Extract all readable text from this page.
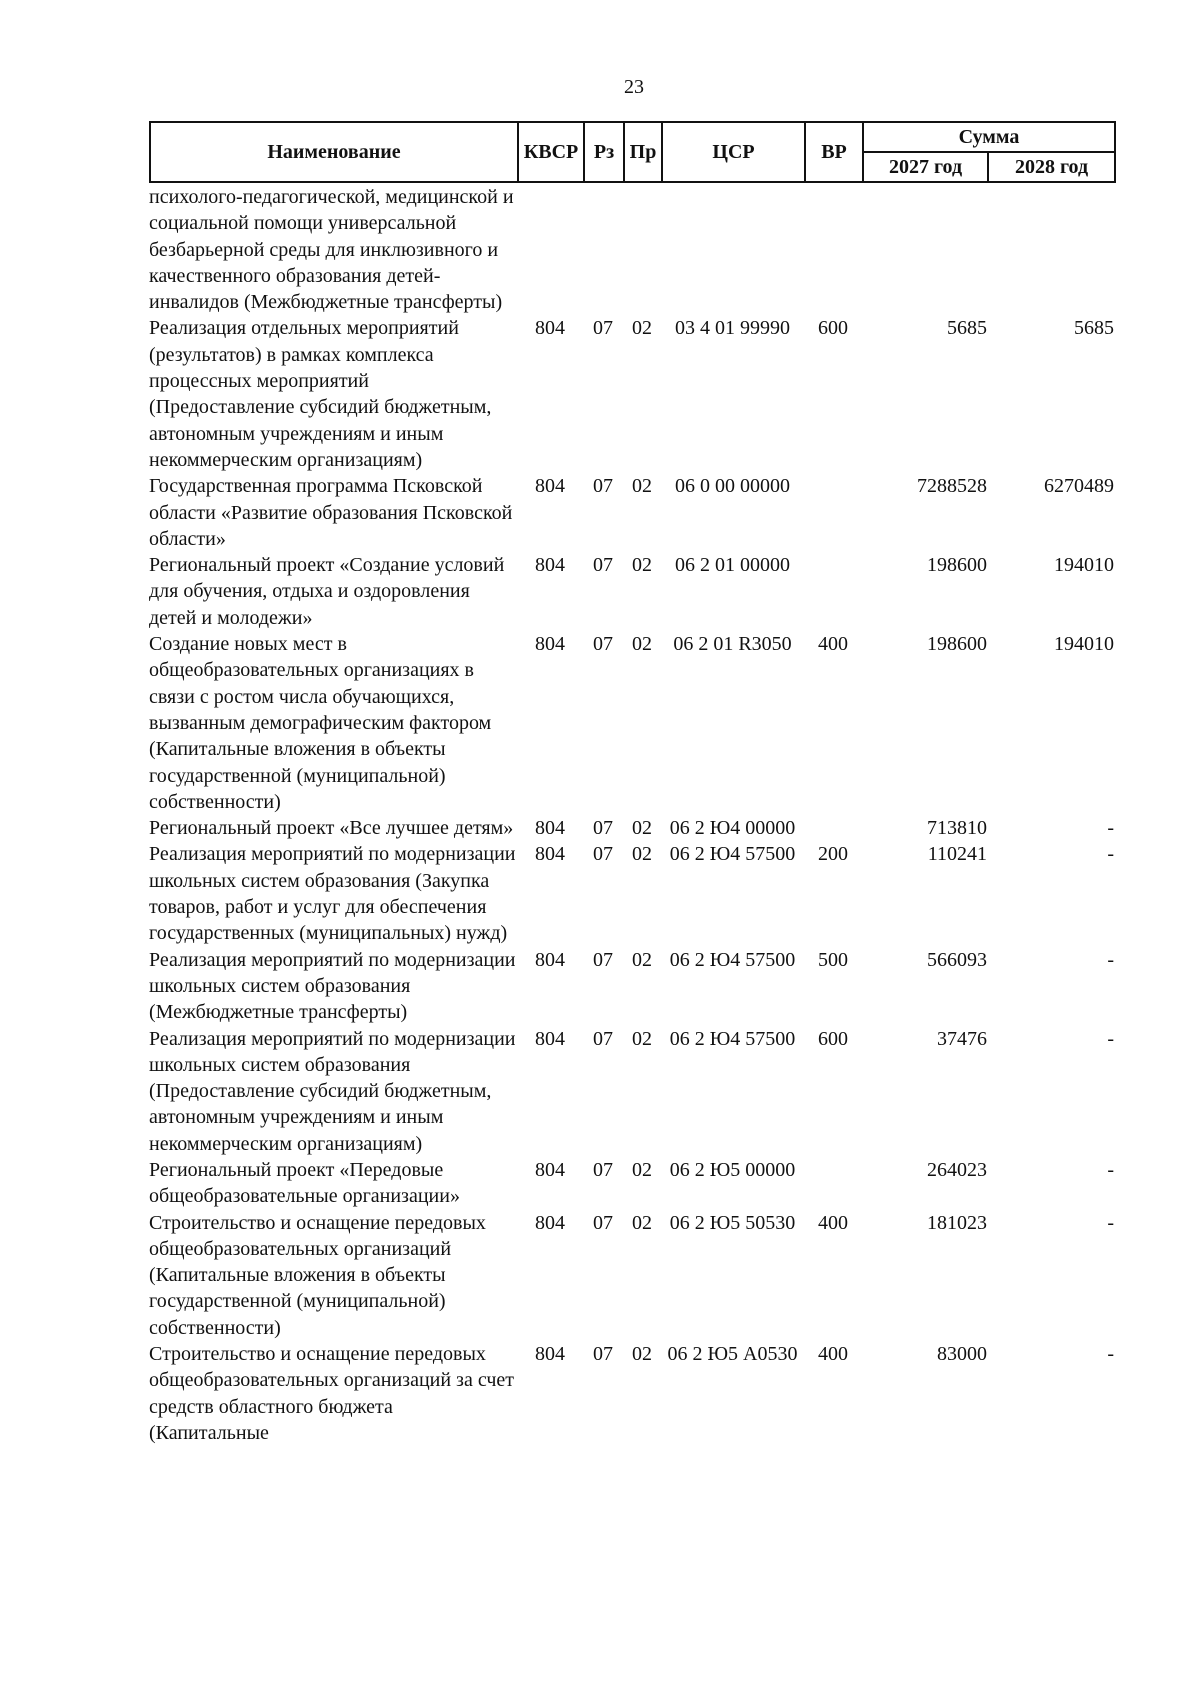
23
Наименование	КВСР	Рз	Пр	ЦСР	ВР	Сумма	
						2027 год	2028 год
психолого-педагогической, медицинской и социальной помощи универсальной безбарьерной среды для инклюзивного и качественного образования детей-инвалидов (Межбюджетные трансферты)							
Реализация отдельных мероприятий (результатов) в рамках комплекса процессных мероприятий (Предоставление субсидий бюджетным, автономным учреждениям и иным некоммерческим организациям)	804	07	02	03 4 01 99990	600	5685	5685
Государственная программа Псковской области «Развитие образования Псковской области»	804	07	02	06 0 00 00000		7288528	6270489
Региональный проект «Создание условий для обучения, отдыха и оздоровления детей и молодежи»	804	07	02	06 2 01 00000		198600	194010
Создание новых мест в общеобразовательных организациях в связи с ростом числа обучающихся, вызванным демографическим фактором (Капитальные вложения в объекты государственной (муниципальной) собственности)	804	07	02	06 2 01 R3050	400	198600	194010
Региональный проект «Все лучшее детям»	804	07	02	06 2 Ю4 00000		713810	-
Реализация мероприятий по модернизации школьных систем образования (Закупка товаров, работ и услуг для обеспечения государственных (муниципальных) нужд)	804	07	02	06 2 Ю4 57500	200	110241	-
Реализация мероприятий по модернизации школьных систем образования (Межбюджетные трансферты)	804	07	02	06 2 Ю4 57500	500	566093	-
Реализация мероприятий по модернизации школьных систем образования (Предоставление субсидий бюджетным, автономным учреждениям и иным некоммерческим организациям)	804	07	02	06 2 Ю4 57500	600	37476	-
Региональный проект «Передовые общеобразовательные организации»	804	07	02	06 2 Ю5 00000		264023	-
Строительство и оснащение передовых общеобразовательных организаций (Капитальные вложения в объекты государственной (муниципальной) собственности)	804	07	02	06 2 Ю5 50530	400	181023	-
Строительство и оснащение передовых общеобразовательных организаций за счет средств областного бюджета (Капитальные	804	07	02	06 2 Ю5 A0530	400	83000	-
